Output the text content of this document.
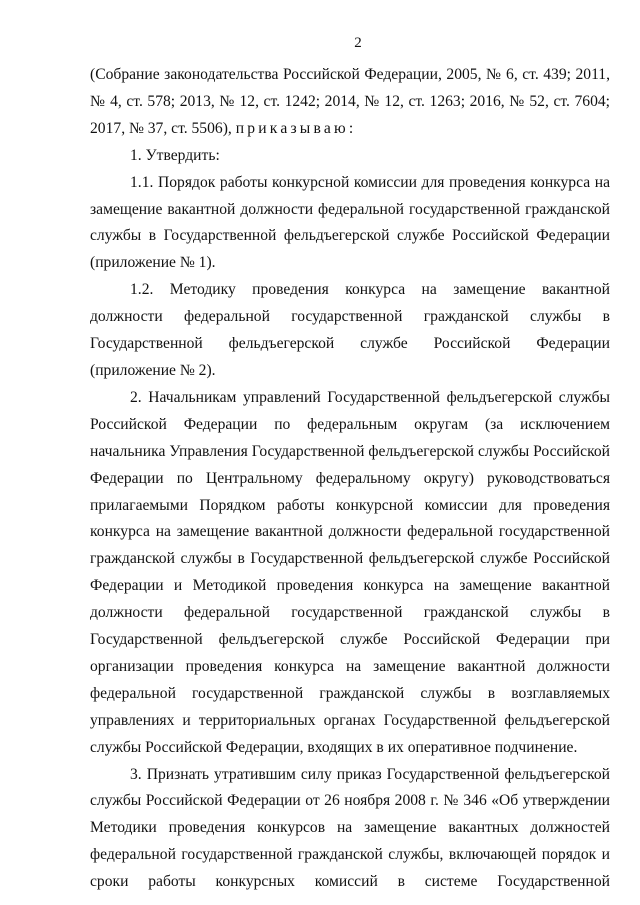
2

(Собрание законодательства Российской Федерации, 2005, № 6, ст. 439; 2011, № 4, ст. 578; 2013, № 12, ст. 1242; 2014, № 12, ст. 1263; 2016, № 52, ст. 7604; 2017, № 37, ст. 5506), приказываю:

1. Утвердить:

1.1. Порядок работы конкурсной комиссии для проведения конкурса на замещение вакантной должности федеральной государственной гражданской службы в Государственной фельдъегерской службе Российской Федерации (приложение № 1).

1.2. Методику проведения конкурса на замещение вакантной должности федеральной государственной гражданской службы в Государственной фельдъегерской службе Российской Федерации (приложение № 2).

2. Начальникам управлений Государственной фельдъегерской службы Российской Федерации по федеральным округам (за исключением начальника Управления Государственной фельдъегерской службы Российской Федерации по Центральному федеральному округу) руководствоваться прилагаемыми Порядком работы конкурсной комиссии для проведения конкурса на замещение вакантной должности федеральной государственной гражданской службы в Государственной фельдъегерской службе Российской Федерации и Методикой проведения конкурса на замещение вакантной должности федеральной государственной гражданской службы в Государственной фельдъегерской службе Российской Федерации при организации проведения конкурса на замещение вакантной должности федеральной государственной гражданской службы в возглавляемых управлениях и территориальных органах Государственной фельдъегерской службы Российской Федерации, входящих в их оперативное подчинение.

3. Признать утратившим силу приказ Государственной фельдъегерской службы Российской Федерации от 26 ноября 2008 г. № 346 «Об утверждении Методики проведения конкурсов на замещение вакантных должностей федеральной государственной гражданской службы, включающей порядок и сроки работы конкурсных комиссий в системе Государственной
